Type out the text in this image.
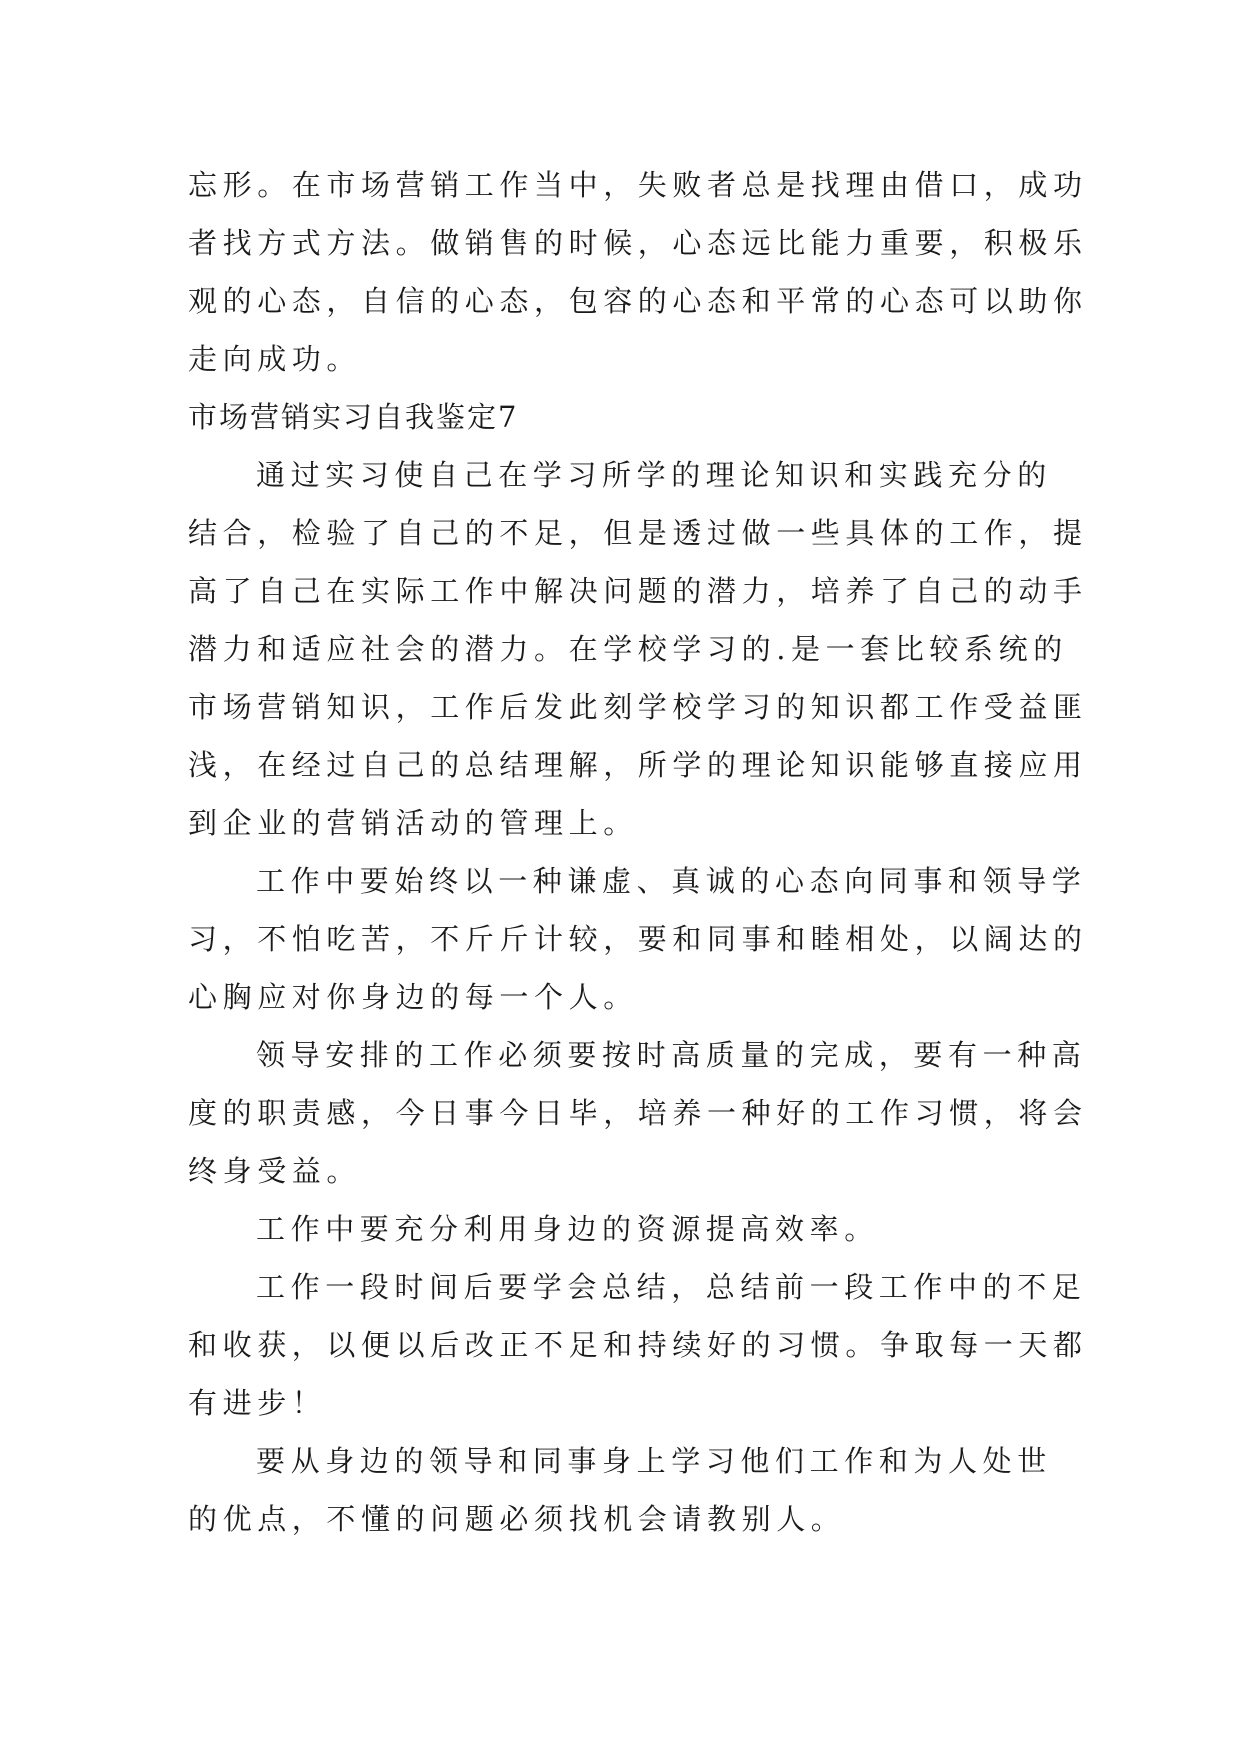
忘形。在市场营销工作当中，失败者总是找理由借口，成功
者找方式方法。做销售的时候，心态远比能力重要，积极乐
观的心态，自信的心态，包容的心态和平常的心态可以助你
走向成功。
市场营销实习自我鉴定7
通过实习使自己在学习所学的理论知识和实践充分的
结合，检验了自己的不足，但是透过做一些具体的工作，提
高了自己在实际工作中解决问题的潜力，培养了自己的动手
潜力和适应社会的潜力。在学校学习的.是一套比较系统的
市场营销知识，工作后发此刻学校学习的知识都工作受益匪
浅，在经过自己的总结理解，所学的理论知识能够直接应用
到企业的营销活动的管理上。
工作中要始终以一种谦虚、真诚的心态向同事和领导学
习，不怕吃苦，不斤斤计较，要和同事和睦相处，以阔达的
心胸应对你身边的每一个人。
领导安排的工作必须要按时高质量的完成，要有一种高
度的职责感，今日事今日毕，培养一种好的工作习惯，将会
终身受益。
工作中要充分利用身边的资源提高效率。
工作一段时间后要学会总结，总结前一段工作中的不足
和收获，以便以后改正不足和持续好的习惯。争取每一天都
有进步！
要从身边的领导和同事身上学习他们工作和为人处世
的优点，不懂的问题必须找机会请教别人。
